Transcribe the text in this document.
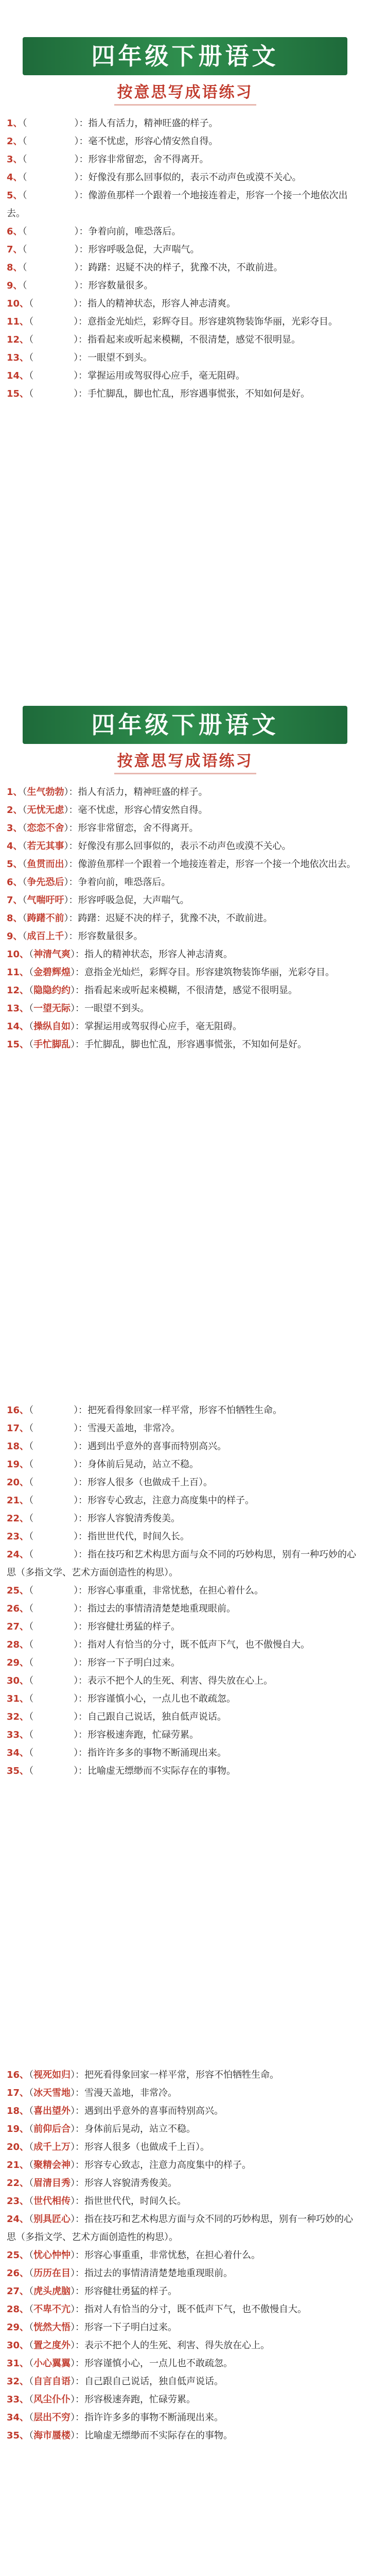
四年级下册语文
按意思写成语练习
1、（	）：指人有活力，精神旺盛的样子。
2、（	）：毫不忧虑，形容心情安然自得。
3、（	）：形容非常留恋，舍不得离开。
4、（	）：好像没有那么回事似的，表示不动声色或漠不关心。
5、（	）：像游鱼那样一个跟着一个地接连着走，形容一个接一个地依次出去。
6、（	）：争着向前，唯恐落后。
7、（	）：形容呼吸急促，大声喘气。
8、（	）：踌躇：迟疑不决的样子，犹豫不决，不敢前进。
9、（	）：形容数量很多。
10、（	）：指人的精神状态，形容人神志清爽。
11、（	）：意指金光灿烂，彩辉夺目。形容建筑物装饰华丽，光彩夺目。
12、（	）：指看起来或听起来模糊，不很清楚，感觉不很明显。
13、（	）：一眼望不到头。
14、（	）：掌握运用或驾驭得心应手，毫无阻碍。
15、（	）：手忙脚乱，脚也忙乱，形容遇事慌张，不知如何是好。
四年级下册语文
按意思写成语练习
1、（生气勃勃）：指人有活力，精神旺盛的样子。
2、（无忧无虑）：毫不忧虑，形容心情安然自得。
3、（恋恋不舍）：形容非常留恋，舍不得离开。
4、（若无其事）：好像没有那么回事似的，表示不动声色或漠不关心。
5、（鱼贯而出）：像游鱼那样一个跟着一个地接连着走，形容一个接一个地依次出去。
6、（争先恐后）：争着向前，唯恐落后。
7、（气喘吁吁）：形容呼吸急促，大声喘气。
8、（踌躇不前）：踌躇：迟疑不决的样子，犹豫不决，不敢前进。
9、（成百上千）：形容数量很多。
10、（神清气爽）：指人的精神状态，形容人神志清爽。
11、（金碧辉煌）：意指金光灿烂，彩辉夺目。形容建筑物装饰华丽，光彩夺目。
12、（隐隐约约）：指看起来或听起来模糊，不很清楚，感觉不很明显。
13、（一望无际）：一眼望不到头。
14、（操纵自如）：掌握运用或驾驭得心应手，毫无阻碍。
15、（手忙脚乱）：手忙脚乱，脚也忙乱，形容遇事慌张，不知如何是好。
16、（	）：把死看得象回家一样平常，形容不怕牺牲生命。
17、（	）：雪漫天盖地，非常冷。
18、（	）：遇到出乎意外的喜事而特别高兴。
19、（	）：身体前后晃动，站立不稳。
20、（	）：形容人很多（也做成千上百）。
21、（	）：形容专心致志，注意力高度集中的样子。
22、（	）：形容人容貌清秀俊美。
23、（	）：指世世代代，时间久长。
24、（	）：指在技巧和艺术构思方面与众不同的巧妙构思，别有一种巧妙的心思（多指文学、艺术方面创造性的构思）。
25、（	）：形容心事重重，非常忧愁，在担心着什么。
26、（	）：指过去的事情清清楚楚地重现眼前。
27、（	）：形容健壮勇猛的样子。
28、（	）：指对人有恰当的分寸，既不低声下气，也不傲慢自大。
29、（	）：形容一下子明白过来。
30、（	）：表示不把个人的生死、利害、得失放在心上。
31、（	）：形容谨慎小心，一点儿也不敢疏忽。
32、（	）：自己跟自己说话，独自低声说话。
33、（	）：形容极速奔跑，忙碌劳累。
34、（	）：指许许多多的事物不断涌现出来。
35、（	）：比喻虚无缥缈而不实际存在的事物。
16、（视死如归）：把死看得象回家一样平常，形容不怕牺牲生命。
17、（冰天雪地）：雪漫天盖地，非常冷。
18、（喜出望外）：遇到出乎意外的喜事而特别高兴。
19、（前仰后合）：身体前后晃动，站立不稳。
20、（成千上万）：形容人很多（也做成千上百）。
21、（聚精会神）：形容专心致志，注意力高度集中的样子。
22、（眉清目秀）：形容人容貌清秀俊美。
23、（世代相传）：指世世代代，时间久长。
24、（别具匠心）：指在技巧和艺术构思方面与众不同的巧妙构思，别有一种巧妙的心思（多指文学、艺术方面创造性的构思）。
25、（忧心忡忡）：形容心事重重，非常忧愁，在担心着什么。
26、（历历在目）：指过去的事情清清楚楚地重现眼前。
27、（虎头虎脑）：形容健壮勇猛的样子。
28、（不卑不亢）：指对人有恰当的分寸，既不低声下气，也不傲慢自大。
29、（恍然大悟）：形容一下子明白过来。
30、（置之度外）：表示不把个人的生死、利害、得失放在心上。
31、（小心翼翼）：形容谨慎小心，一点儿也不敢疏忽。
32、（自言自语）：自己跟自己说话，独自低声说话。
33、（风尘仆仆）：形容极速奔跑，忙碌劳累。
34、（层出不穷）：指许许多多的事物不断涌现出来。
35、（海市蜃楼）：比喻虚无缥缈而不实际存在的事物。
